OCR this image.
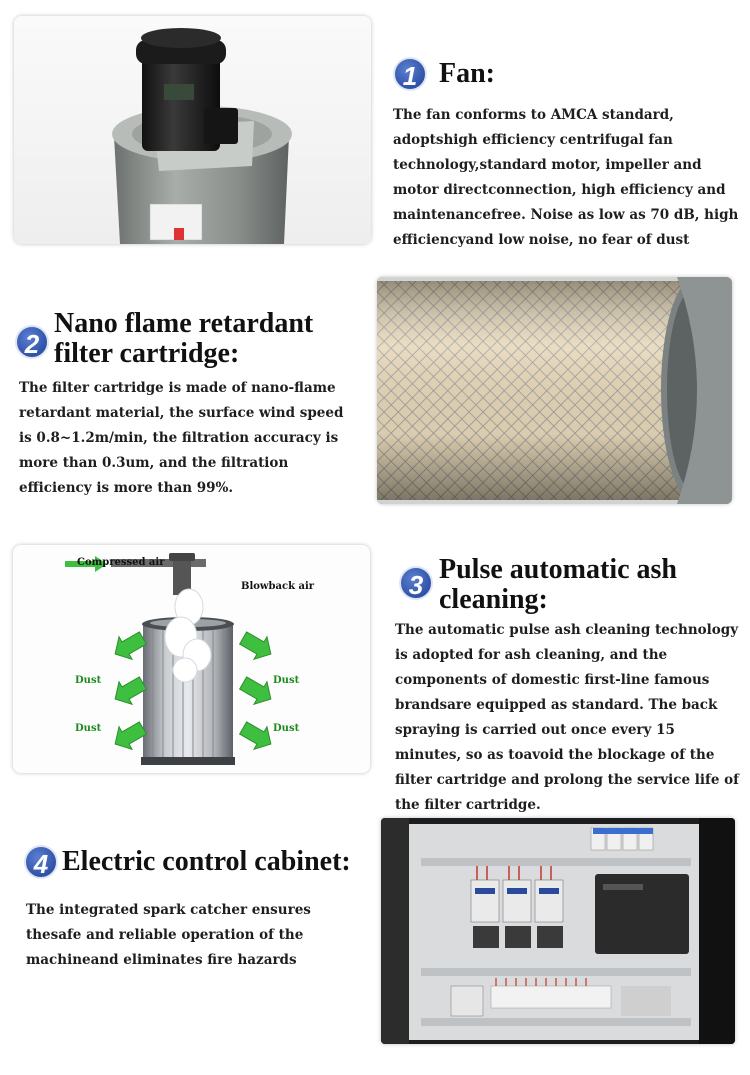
1 Fan:
The fan conforms to AMCA standard, adoptshigh efficiency centrifugal fan technology,standard motor, impeller and motor directconnection, high efficiency and maintenancefree. Noise as low as 70 dB, high efficiencyand low noise, no fear of dust
2
Nano flame retardant filter cartridge:
The filter cartridge is made of nano-flame retardant material, the surface wind speed is 0.8~1.2m/min, the filtration accuracy is more than 0.3um, and the filtration efficiency is more than 99%.
Compressed air
Blowback air
Dust
Dust
Dust
Dust
3 Pulse automatic ash cleaning:
The automatic pulse ash cleaning technology is adopted for ash cleaning, and the components of domestic first-line famous brandsare equipped as standard. The back spraying is carried out once every 15 minutes, so as toavoid the blockage of the filter cartridge and prolong the service life of the filter cartridge.
4 Electric control cabinet:
The integrated spark catcher ensures thesafe and reliable operation of the machineand eliminates fire hazards
